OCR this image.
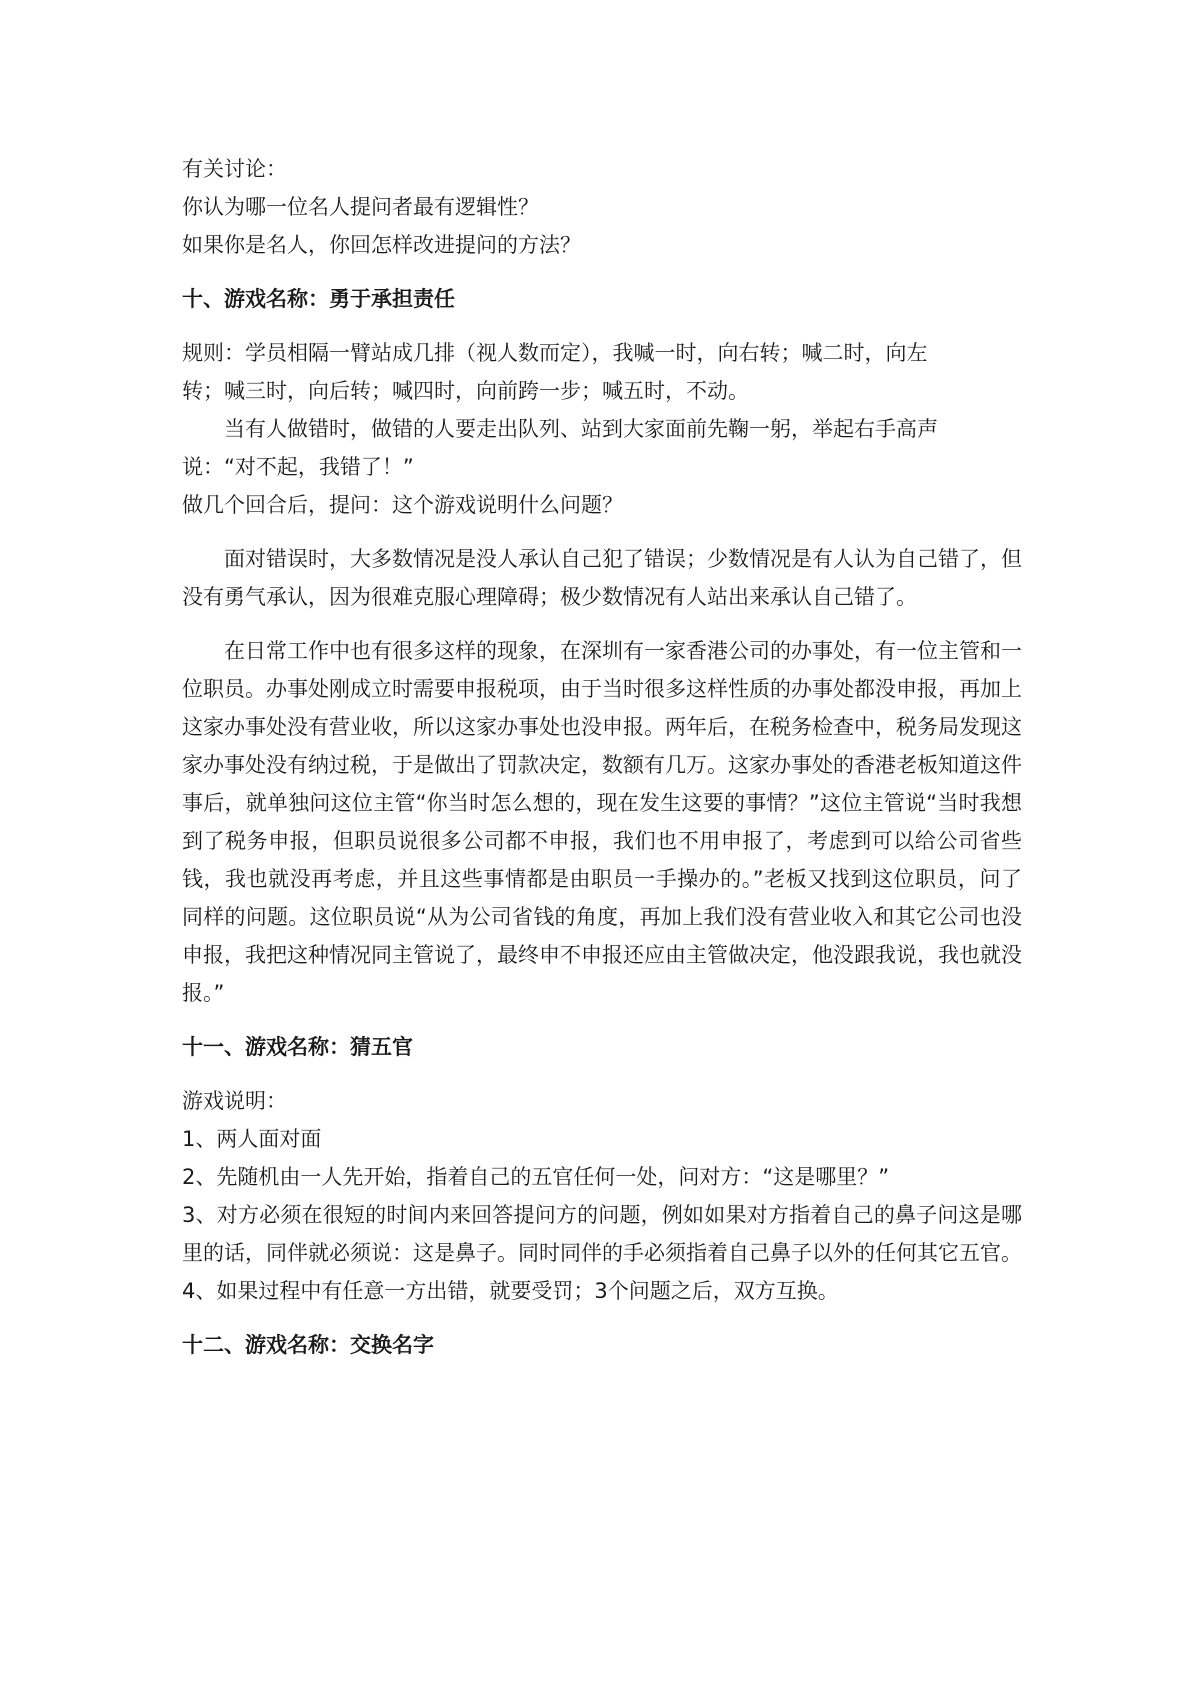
有关讨论：

你认为哪一位名人提问者最有逻辑性？

如果你是名人，你回怎样改进提问的方法？

十、游戏名称：勇于承担责任

规则：学员相隔一臂站成几排（视人数而定），我喊一时，向右转；喊二时，向左

转；喊三时，向后转；喊四时，向前跨一步；喊五时，不动。

当有人做错时，做错的人要走出队列、站到大家面前先鞠一躬，举起右手高声

说：“对不起，我错了！”

做几个回合后，提问：这个游戏说明什么问题？

面对错误时，大多数情况是没人承认自己犯了错误；少数情况是有人认为自己错了，但没有勇气承认，因为很难克服心理障碍；极少数情况有人站出来承认自己错了。

在日常工作中也有很多这样的现象，在深圳有一家香港公司的办事处，有一位主管和一位职员。办事处刚成立时需要申报税项，由于当时很多这样性质的办事处都没申报，再加上这家办事处没有营业收，所以这家办事处也没申报。两年后，在税务检查中，税务局发现这家办事处没有纳过税，于是做出了罚款决定，数额有几万。这家办事处的香港老板知道这件事后，就单独问这位主管“你当时怎么想的，现在发生这要的事情？”这位主管说“当时我想到了税务申报，但职员说很多公司都不申报，我们也不用申报了，考虑到可以给公司省些钱，我也就没再考虑，并且这些事情都是由职员一手操办的。”老板又找到这位职员，问了同样的问题。这位职员说“从为公司省钱的角度，再加上我们没有营业收入和其它公司也没申报，我把这种情况同主管说了，最终申不申报还应由主管做决定，他没跟我说，我也就没报。”

十一、游戏名称：猜五官

游戏说明：

1、两人面对面

2、先随机由一人先开始，指着自己的五官任何一处，问对方：“这是哪里？”

3、对方必须在很短的时间内来回答提问方的问题，例如如果对方指着自己的鼻子问这是哪里的话，同伴就必须说：这是鼻子。同时同伴的手必须指着自己鼻子以外的任何其它五官。

4、如果过程中有任意一方出错，就要受罚；3个问题之后，双方互换。

十二、游戏名称：交换名字
